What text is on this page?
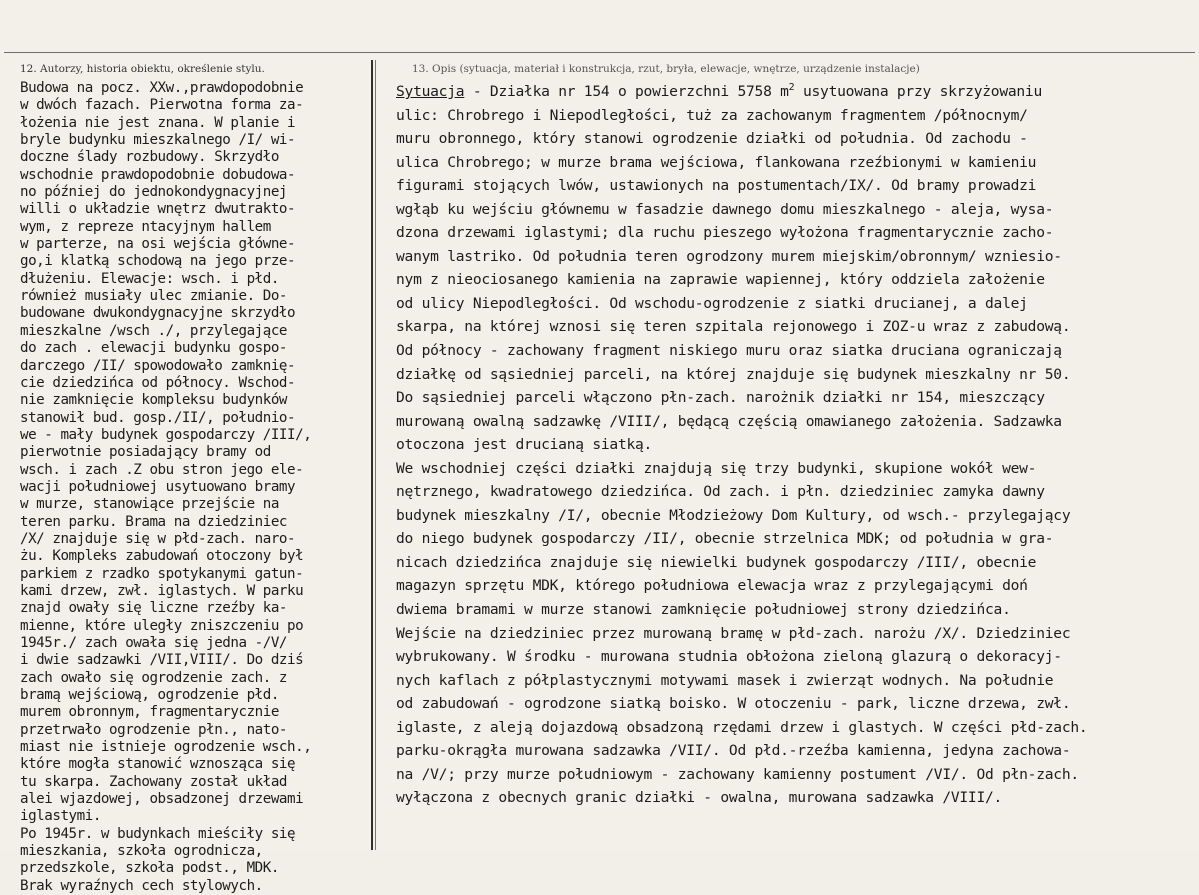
12. Autorzy, historia obiektu, określenie stylu.	13. Opis (sytuacja, materiał i konstrukcja, rzut, bryła, elewacje, wnętrze, urządzenie instalacje)
Budowa na pocz. XXw.,prawdopodobnie
w dwóch fazach. Pierwotna forma za-
łożenia nie jest znana. W planie i
bryle budynku mieszkalnego /I/ wi-
doczne ślady rozbudowy. Skrzydło
wschodnie prawdopodobnie dobudowa-
no później do jednokondygnacyjnej
willi o układzie wnętrz dwutrakto-
wym, z repreze ntacyjnym hallem
w parterze, na osi wejścia główne-
go,i klatką schodową na jego prze-
dłużeniu. Elewacje: wsch. i płd.
również musiały ulec zmianie. Do-
budowane dwukondygnacyjne skrzydło
mieszkalne /wsch ./, przylegające
do zach . elewacji budynku gospo-
darczego /II/ spowodowało zamknię-
cie dziedzińca od północy. Wschod-
nie zamknięcie kompleksu budynków
stanowił bud. gosp./II/, południo-
we - mały budynek gospodarczy /III/,
pierwotnie posiadający bramy od
wsch. i zach .Z obu stron jego ele-
wacji południowej usytuowano bramy
w murze, stanowiące przejście na
teren parku. Brama na dziedziniec
/X/ znajduje się w płd-zach. naro-
żu. Kompleks zabudowań otoczony był
parkiem z rzadko spotykanymi gatun-
kami drzew, zwł. iglastych. W parku
znajd owały się liczne rzeźby ka-
mienne, które uległy zniszczeniu po
1945r./ zach owała się jedna -/V/
i dwie sadzawki /VII,VIII/. Do dziś
zach owało się ogrodzenie zach. z
bramą wejściową, ogrodzenie płd.
murem obronnym, fragmentarycznie
przetrwało ogrodzenie płn., nato-
miast nie istnieje ogrodzenie wsch.,
które mogła stanowić wznosząca się
tu skarpa. Zachowany został układ
alei wjazdowej, obsadzonej drzewami
iglastymi.
Po 1945r. w budynkach mieściły się
mieszkania, szkoła ogrodnicza,
przedszkole, szkoła podst., MDK.
Brak wyraźnych cech stylowych.
Sytuacja - Działka nr 154 o powierzchni 5758 $m^2$ usytuowana przy skrzyżowaniu
ulic: Chrobrego i Niepodległości, tuż za zachowanym fragmentem /północnym/
muru obronnego, który stanowi ogrodzenie działki od południa. Od zachodu -
ulica Chrobrego; w murze brama wejściowa, flankowana rzeźbionymi w kamieniu
figurami stojących lwów, ustawionych na postumentach/IX/. Od bramy prowadzi
wgłąb ku wejściu głównemu w fasadzie dawnego domu mieszkalnego - aleja, wysa-
dzona drzewami iglastymi; dla ruchu pieszego wyłożona fragmentarycznie zacho-
wanym lastriko. Od południa teren ogrodzony murem miejskim/obronnym/ wzniesio-
nym z nieociosanego kamienia na zaprawie wapiennej, który oddziela założenie
od ulicy Niepodległości. Od wschodu-ogrodzenie z siatki drucianej, a dalej
skarpa, na której wznosi się teren szpitala rejonowego i ZOZ-u wraz z zabudową.
Od północy - zachowany fragment niskiego muru oraz siatka druciana ograniczają
działkę od sąsiedniej parceli, na której znajduje się budynek mieszkalny nr 50.
Do sąsiedniej parceli włączono płn-zach. narożnik działki nr 154, mieszczący
murowaną owalną sadzawkę /VIII/, będącą częścią omawianego założenia. Sadzawka
otoczona jest drucianą siatką.
We wschodniej części działki znajdują się trzy budynki, skupione wokół wew-
nętrznego, kwadratowego dziedzińca. Od zach. i płn. dziedziniec zamyka dawny
budynek mieszkalny /I/, obecnie Młodzieżowy Dom Kultury, od wsch.- przylegający
do niego budynek gospodarczy /II/, obecnie strzelnica MDK; od południa w gra-
nicach dziedzińca znajduje się niewielki budynek gospodarczy /III/, obecnie
magazyn sprzętu MDK, którego południowa elewacja wraz z przylegającymi doń
dwiema bramami w murze stanowi zamknięcie południowej strony dziedzińca.
Wejście na dziedziniec przez murowaną bramę w płd-zach. narożu /X/. Dziedziniec
wybrukowany. W środku - murowana studnia obłożona zieloną glazurą o dekoracyj-
nych kaflach z półplastycznymi motywami masek i zwierząt wodnych. Na południe
od zabudowań - ogrodzone siatką boisko. W otoczeniu - park, liczne drzewa, zwł.
iglaste, z aleją dojazdową obsadzoną rzędami drzew i glastych. W części płd-zach.
parku-okrągła murowana sadzawka /VII/. Od płd.-rzeźba kamienna, jedyna zachowa-
na /V/; przy murze południowym - zachowany kamienny postument /VI/. Od płn-zach.
wyłączona z obecnych granic działki - owalna, murowana sadzawka /VIII/.
